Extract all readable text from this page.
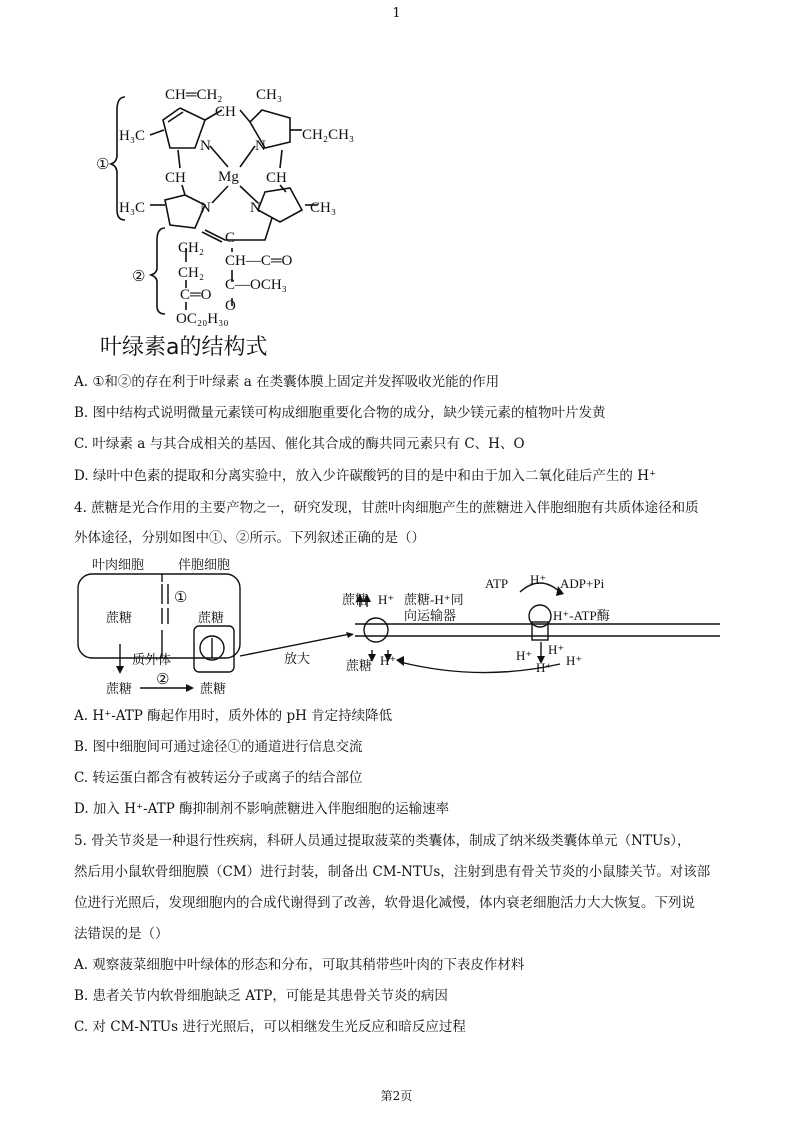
1
①
②
CH═CH₂
CH
CH₃
H₃C	CH₂CH₃
N	N
Mg
CH	CH
H₃C	N	N	CH₃
C
CH₂
CH—C═O
CH₂
C═O
C—OCH₃
O
OC₂₀H₃₀
叶绿素a的结构式
A. ①和②的存在利于叶绿素 a 在类囊体膜上固定并发挥吸收光能的作用
B. 图中结构式说明微量元素镁可构成细胞重要化合物的成分，缺少镁元素的植物叶片发黄
C. 叶绿素 a 与其合成相关的基因、催化其合成的酶共同元素只有 C、H、O
D. 绿叶中色素的提取和分离实验中，放入少许碳酸钙的目的是中和由于加入二氧化硅后产生的 H⁺
4. 蔗糖是光合作用的主要产物之一，研究发现，甘蔗叶肉细胞产生的蔗糖进入伴胞细胞有共质体途径和质
外体途径，分别如图中①、②所示。下列叙述正确的是（）
叶肉细胞	伴胞细胞
①
蔗糖	蔗糖
质外体
②
蔗糖	蔗糖
放大
蔗糖 H⁺ 蔗糖-H⁺同
向运输器
蔗糖 H⁺
ATP H⁺ ADP+Pi
H⁺-ATP酶
H⁺ H⁺
H⁺ H⁺
A. H⁺-ATP 酶起作用时，质外体的 pH 肯定持续降低
B. 图中细胞间可通过途径①的通道进行信息交流
C. 转运蛋白都含有被转运分子或离子的结合部位
D. 加入 H⁺-ATP 酶抑制剂不影响蔗糖进入伴胞细胞的运输速率
5. 骨关节炎是一种退行性疾病，科研人员通过提取菠菜的类囊体，制成了纳米级类囊体单元（NTUs），
然后用小鼠软骨细胞膜（CM）进行封装，制备出 CM-NTUs，注射到患有骨关节炎的小鼠膝关节。对该部
位进行光照后，发现细胞内的合成代谢得到了改善，软骨退化减慢，体内衰老细胞活力大大恢复。下列说
法错误的是（）
A. 观察菠菜细胞中叶绿体的形态和分布，可取其稍带些叶肉的下表皮作材料
B. 患者关节内软骨细胞缺乏 ATP，可能是其患骨关节炎的病因
C. 对 CM-NTUs 进行光照后，可以相继发生光反应和暗反应过程
第2页
